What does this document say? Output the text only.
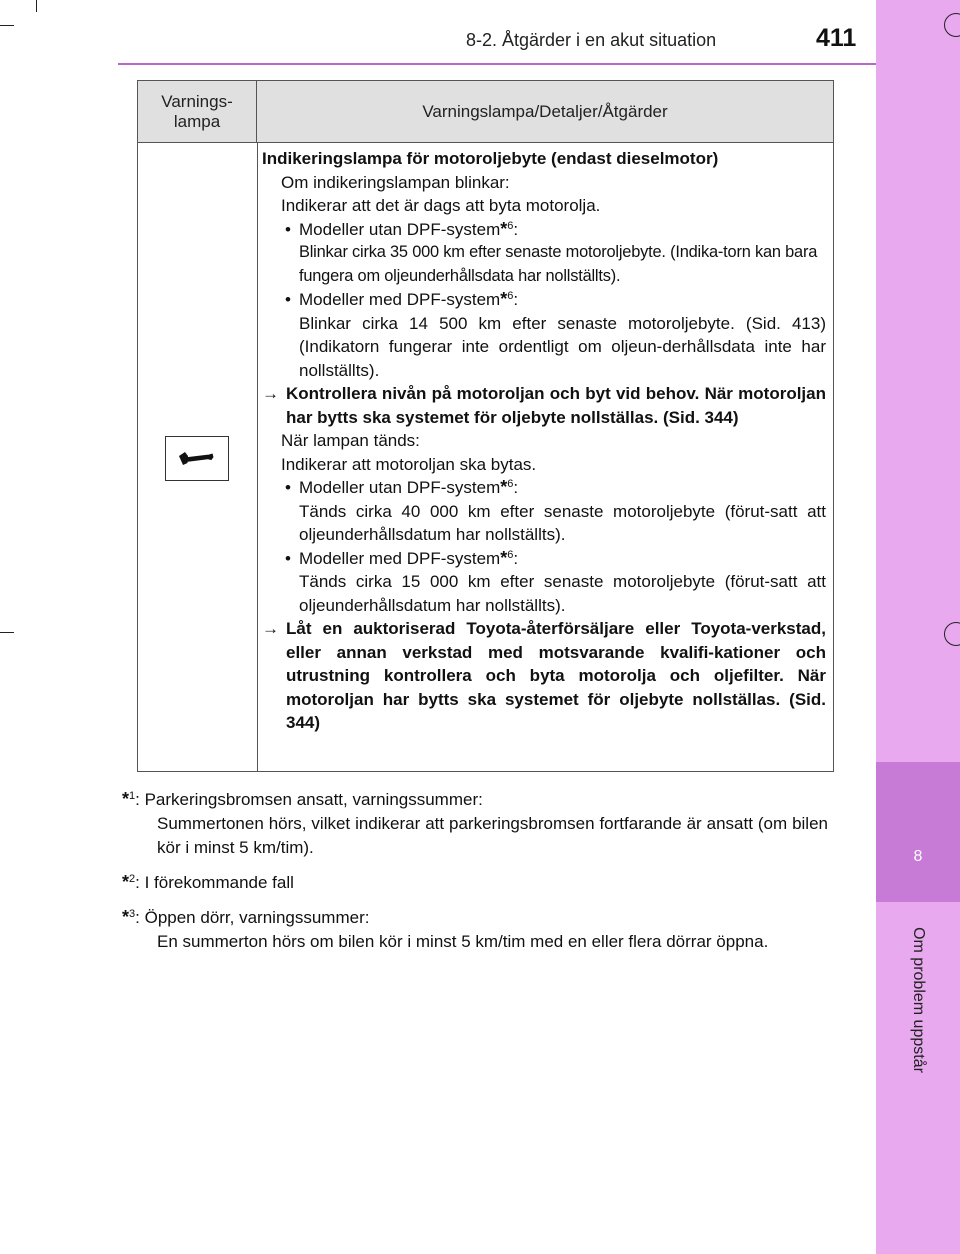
8
Om problem uppstår
8-2. Åtgärder i en akut situation	411
Varnings-
lampa
Varningslampa/Detaljer/Åtgärder

Indikeringslampa för motoroljebyte (endast dieselmotor)

Om indikeringslampan blinkar:

Indikerar att det är dags att byta motorolja.

• Modeller utan DPF-system*$^6$:

Blinkar cirka 35 000 km efter senaste motoroljebyte. (Indika-torn kan bara fungera om oljeunderhållsdata har nollställts).

• Modeller med DPF-system*$^6$:

Blinkar cirka 14 500 km efter senaste motoroljebyte. (Sid. 413) (Indikatorn fungerar inte ordentligt om oljeun-derhållsdata inte har nollställts).

→ Kontrollera nivån på motoroljan och byt vid behov. När motoroljan har bytts ska systemet för oljebyte nollställas. (Sid. 344)

När lampan tänds:

Indikerar att motoroljan ska bytas.

• Modeller utan DPF-system*$^6$:

Tänds cirka 40 000 km efter senaste motoroljebyte (förut-satt att oljeunderhållsdatum har nollställts).

• Modeller med DPF-system*$^6$:

Tänds cirka 15 000 km efter senaste motoroljebyte (förut-satt att oljeunderhållsdatum har nollställts).

→ Låt en auktoriserad Toyota-återförsäljare eller Toyota-verkstad, eller annan verkstad med motsvarande kvalifi-kationer och utrustning kontrollera och byta motorolja och oljefilter. När motoroljan har bytts ska systemet för oljebyte nollställas. (Sid. 344)

*$^1$: Parkeringsbromsen ansatt, varningssummer:
Summertonen hörs, vilket indikerar att parkeringsbromsen fortfarande är ansatt (om bilen kör i minst 5 km/tim).
*$^2$: I förekommande fall
*$^3$: Öppen dörr, varningssummer:
En summerton hörs om bilen kör i minst 5 km/tim med en eller flera dörrar öppna.
